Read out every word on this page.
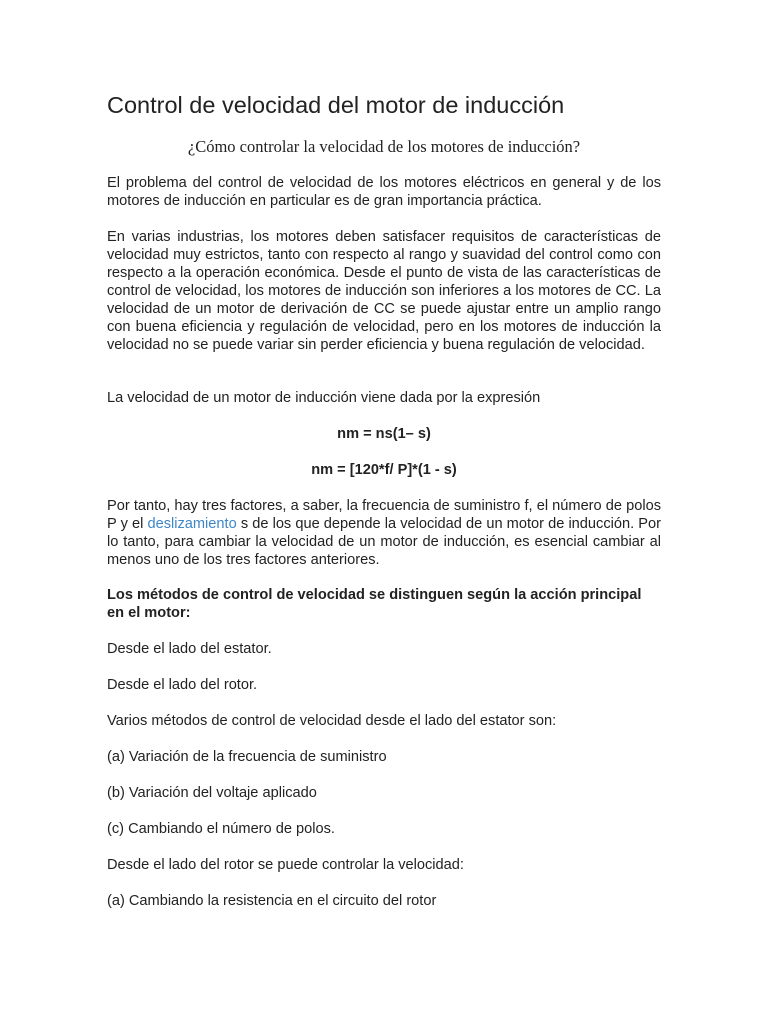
Control de velocidad del motor de inducción
¿Cómo controlar la velocidad de los motores de inducción?

El problema del control de velocidad de los motores eléctricos en general y de los motores de inducción en particular es de gran importancia práctica.

En varias industrias, los motores deben satisfacer requisitos de características de velocidad muy estrictos, tanto con respecto al rango y suavidad del control como con respecto a la operación económica. Desde el punto de vista de las características de control de velocidad, los motores de inducción son inferiores a los motores de CC. La velocidad de un motor de derivación de CC se puede ajustar entre un amplio rango con buena eficiencia y regulación de velocidad, pero en los motores de inducción la velocidad no se puede variar sin perder eficiencia y buena regulación de velocidad.

La velocidad de un motor de inducción viene dada por la expresión

nm = ns(1– s)

nm = [120*f/ P]*(1 - s)

Por tanto, hay tres factores, a saber, la frecuencia de suministro f, el número de polos P y el deslizamiento s de los que depende la velocidad de un motor de inducción. Por lo tanto, para cambiar la velocidad de un motor de inducción, es esencial cambiar al menos uno de los tres factores anteriores.

Los métodos de control de velocidad se distinguen según la acción principal en el motor:

Desde el lado del estator.

Desde el lado del rotor.

Varios métodos de control de velocidad desde el lado del estator son:

(a) Variación de la frecuencia de suministro

(b) Variación del voltaje aplicado

(c) Cambiando el número de polos.

Desde el lado del rotor se puede controlar la velocidad:

(a) Cambiando la resistencia en el circuito del rotor
